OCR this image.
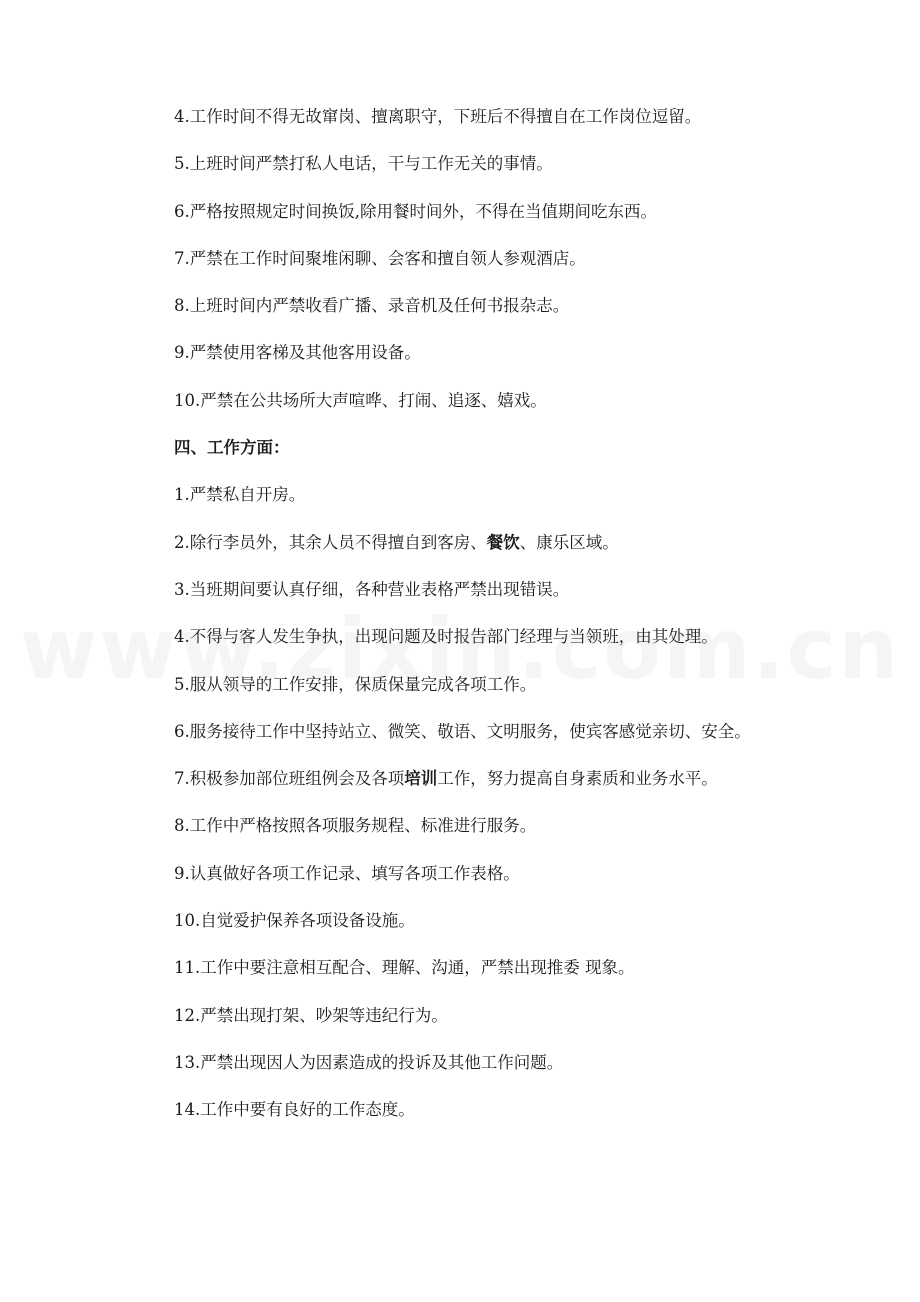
4.工作时间不得无故窜岗、擅离职守，下班后不得擅自在工作岗位逗留。

5.上班时间严禁打私人电话，干与工作无关的事情。

6.严格按照规定时间换饭,除用餐时间外，不得在当值期间吃东西。

7.严禁在工作时间聚堆闲聊、会客和擅自领人参观酒店。

8.上班时间内严禁收看广播、录音机及任何书报杂志。

9.严禁使用客梯及其他客用设备。

10.严禁在公共场所大声喧哗、打闹、追逐、嬉戏。

四、工作方面：

1.严禁私自开房。

2.除行李员外，其余人员不得擅自到客房、餐饮、康乐区域。

3.当班期间要认真仔细，各种营业表格严禁出现错误。

4.不得与客人发生争执，出现问题及时报告部门经理与当领班，由其处理。

5.服从领导的工作安排，保质保量完成各项工作。

6.服务接待工作中坚持站立、微笑、敬语、文明服务，使宾客感觉亲切、安全。

7.积极参加部位班组例会及各项培训工作，努力提高自身素质和业务水平。

8.工作中严格按照各项服务规程、标准进行服务。

9.认真做好各项工作记录、填写各项工作表格。

10.自觉爱护保养各项设备设施。

11.工作中要注意相互配合、理解、沟通，严禁出现推委 现象。

12.严禁出现打架、吵架等违纪行为。

13.严禁出现因人为因素造成的投诉及其他工作问题。

14.工作中要有良好的工作态度。
